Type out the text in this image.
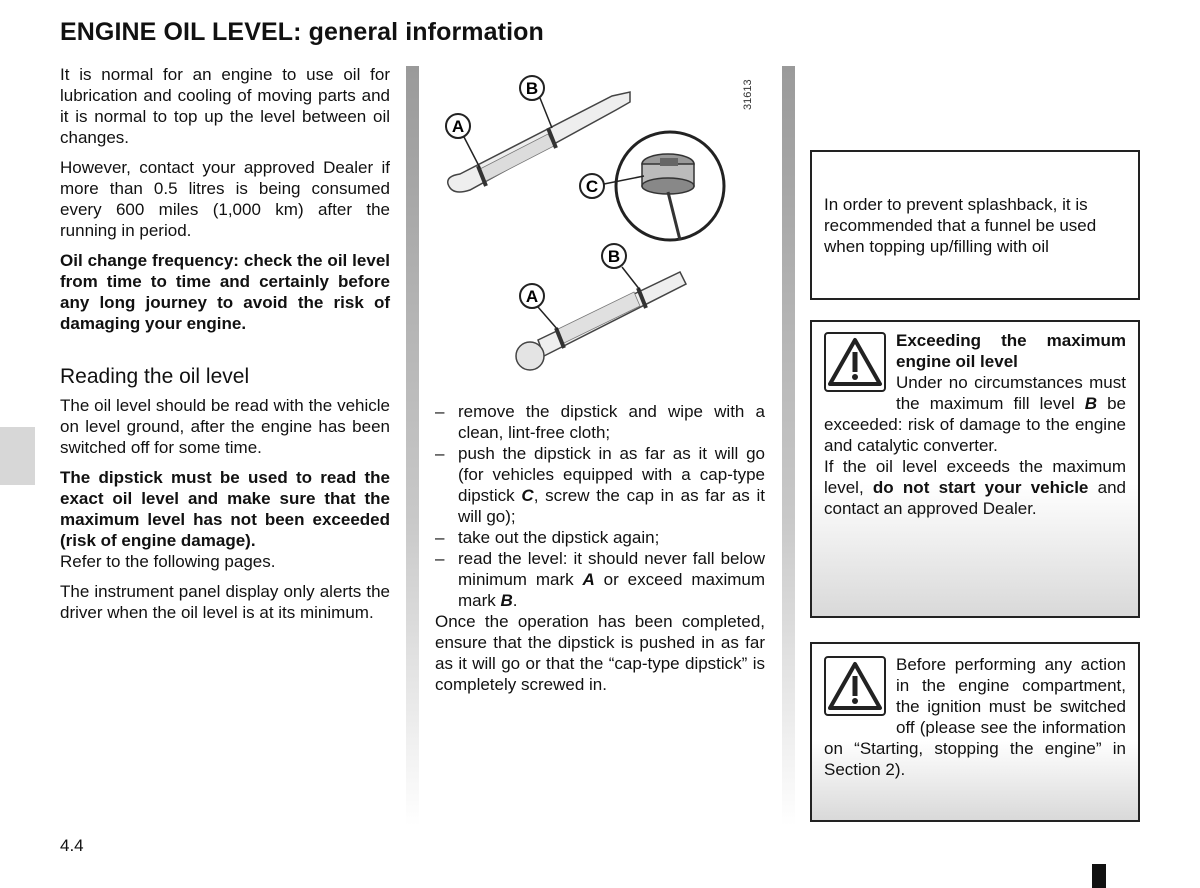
ENGINE OIL LEVEL: general information

It is normal for an engine to use oil for lubrication and cooling of moving parts and it is normal to top up the level between oil changes.

However, contact your approved Dealer if more than 0.5 litres is being consumed every 600 miles (1,000 km) after the running in period.

Oil change frequency: check the oil level from time to time and certainly before any long journey to avoid the risk of damaging your engine.

Reading the oil level

The oil level should be read with the vehicle on level ground, after the engine has been switched off for some time.

The dipstick must be used to read the exact oil level and make sure that the maximum level has not been exceeded (risk of engine damage).

Refer to the following pages.

The instrument panel display only alerts the driver when the oil level is at its minimum.

B
A
C
B
A
31613
– remove the dipstick and wipe with a clean, lint-free cloth;
– push the dipstick in as far as it will go (for vehicles equipped with a cap-type dipstick C, screw the cap in as far as it will go);
– take out the dipstick again;
– read the level: it should never fall below minimum mark A or exceed maximum mark B.

Once the operation has been completed, ensure that the dipstick is pushed in as far as it will go or that the “cap-type dipstick” is completely screwed in.

In order to prevent splashback, it is recommended that a funnel be used when topping up/filling with oil
Exceeding the maximum engine oil level
Under no circumstances must the maximum fill level B be exceeded: risk of damage to the engine and catalytic converter.
If the oil level exceeds the maximum level, do not start your vehicle and contact an approved Dealer.
Before performing any action in the engine compartment, the ignition must be switched off (please see the information on “Starting, stopping the engine” in Section 2).
4.4
